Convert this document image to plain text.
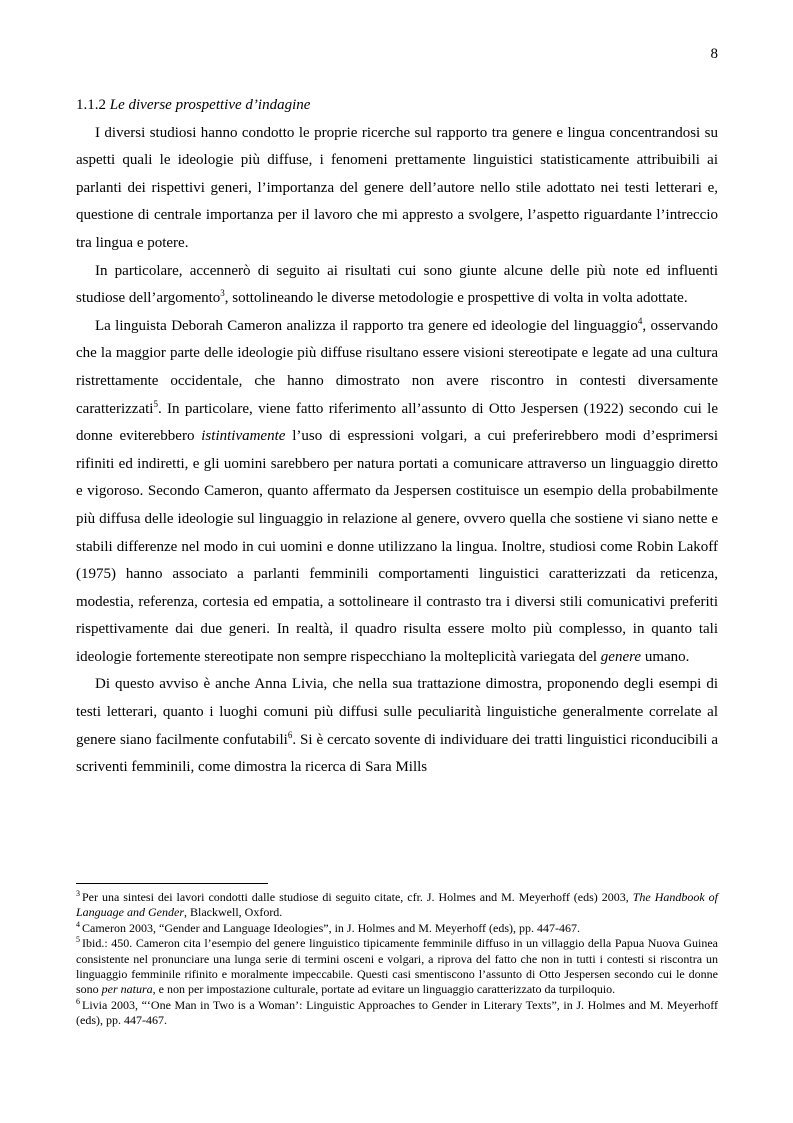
8

1.1.2 Le diverse prospettive d’indagine

I diversi studiosi hanno condotto le proprie ricerche sul rapporto tra genere e lingua concentrandosi su aspetti quali le ideologie più diffuse, i fenomeni prettamente linguistici statisticamente attribuibili ai parlanti dei rispettivi generi, l’importanza del genere dell’autore nello stile adottato nei testi letterari e, questione di centrale importanza per il lavoro che mi appresto a svolgere, l’aspetto riguardante l’intreccio tra lingua e potere.

In particolare, accennerò di seguito ai risultati cui sono giunte alcune delle più note ed influenti studiose dell’argomento$^3$, sottolineando le diverse metodologie e prospettive di volta in volta adottate.

La linguista Deborah Cameron analizza il rapporto tra genere ed ideologie del linguaggio$^4$, osservando che la maggior parte delle ideologie più diffuse risultano essere visioni stereotipate e legate ad una cultura ristrettamente occidentale, che hanno dimostrato non avere riscontro in contesti diversamente caratterizzati$^5$. In particolare, viene fatto riferimento all’assunto di Otto Jespersen (1922) secondo cui le donne eviterebbero istintivamente l’uso di espressioni volgari, a cui preferirebbero modi d’esprimersi rifiniti ed indiretti, e gli uomini sarebbero per natura portati a comunicare attraverso un linguaggio diretto e vigoroso. Secondo Cameron, quanto affermato da Jespersen costituisce un esempio della probabilmente più diffusa delle ideologie sul linguaggio in relazione al genere, ovvero quella che sostiene vi siano nette e stabili differenze nel modo in cui uomini e donne utilizzano la lingua. Inoltre, studiosi come Robin Lakoff (1975) hanno associato a parlanti femminili comportamenti linguistici caratterizzati da reticenza, modestia, referenza, cortesia ed empatia, a sottolineare il contrasto tra i diversi stili comunicativi preferiti rispettivamente dai due generi. In realtà, il quadro risulta essere molto più complesso, in quanto tali ideologie fortemente stereotipate non sempre rispecchiano la molteplicità variegata del genere umano.

Di questo avviso è anche Anna Livia, che nella sua trattazione dimostra, proponendo degli esempi di testi letterari, quanto i luoghi comuni più diffusi sulle peculiarità linguistiche generalmente correlate al genere siano facilmente confutabili$^6$. Si è cercato sovente di individuare dei tratti linguistici riconducibili a scriventi femminili, come dimostra la ricerca di Sara Mills

$^3$ Per una sintesi dei lavori condotti dalle studiose di seguito citate, cfr. J. Holmes and M. Meyerhoff (eds) 2003, The Handbook of Language and Gender, Blackwell, Oxford.

$^4$ Cameron 2003, “Gender and Language Ideologies”, in J. Holmes and M. Meyerhoff (eds), pp. 447-467.

$^5$ Ibid.: 450. Cameron cita l’esempio del genere linguistico tipicamente femminile diffuso in un villaggio della Papua Nuova Guinea consistente nel pronunciare una lunga serie di termini osceni e volgari, a riprova del fatto che non in tutti i contesti si riscontra un linguaggio femminile rifinito e moralmente impeccabile. Questi casi smentiscono l’assunto di Otto Jespersen secondo cui le donne sono per natura, e non per impostazione culturale, portate ad evitare un linguaggio caratterizzato da turpiloquio.

$^6$ Livia 2003, “‘One Man in Two is a Woman’: Linguistic Approaches to Gender in Literary Texts”, in J. Holmes and M. Meyerhoff (eds), pp. 447-467.
